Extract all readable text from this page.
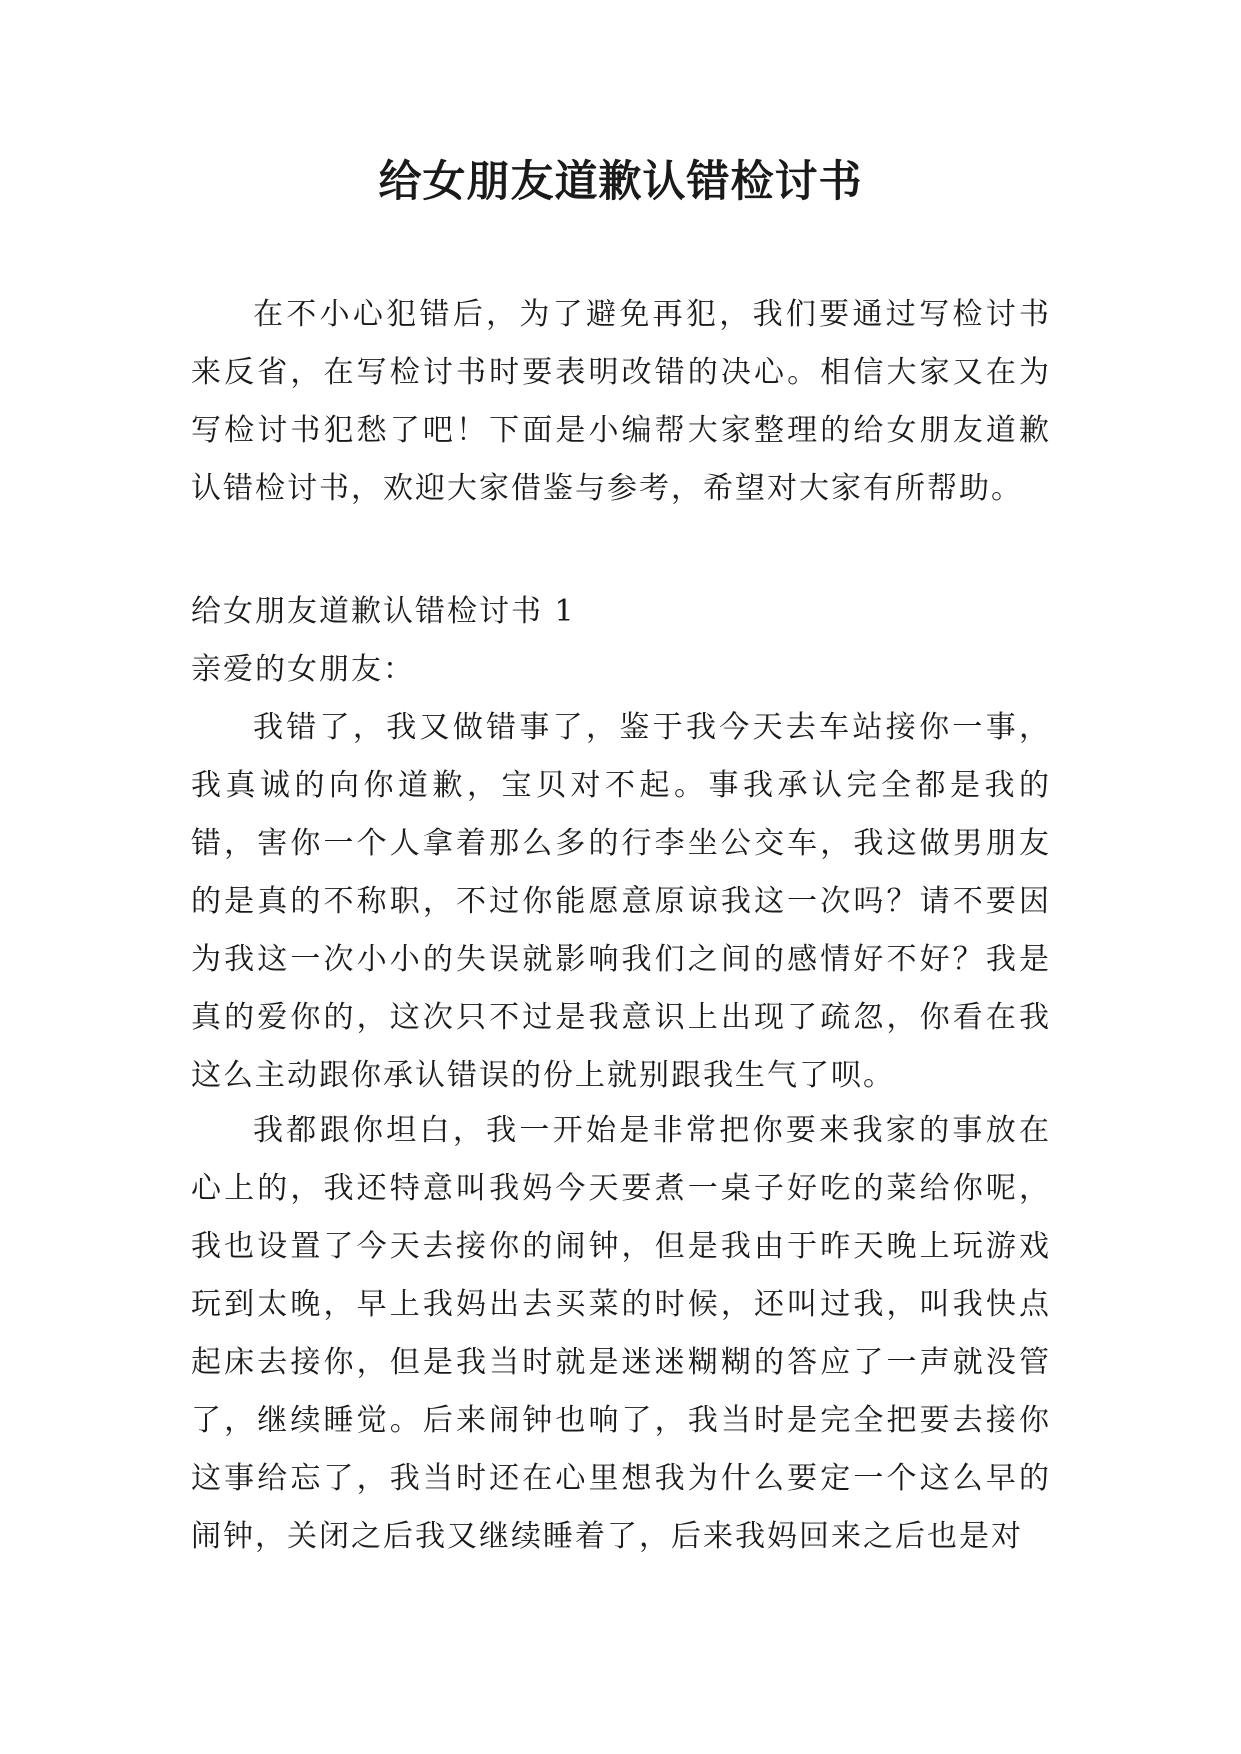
给女朋友道歉认错检讨书

在不小心犯错后，为了避免再犯，我们要通过写检讨书来反省，在写检讨书时要表明改错的决心。相信大家又在为写检讨书犯愁了吧！下面是小编帮大家整理的给女朋友道歉认错检讨书，欢迎大家借鉴与参考，希望对大家有所帮助。

给女朋友道歉认错检讨书 1

亲爱的女朋友：

我错了，我又做错事了，鉴于我今天去车站接你一事，我真诚的向你道歉，宝贝对不起。事我承认完全都是我的错，害你一个人拿着那么多的行李坐公交车，我这做男朋友的是真的不称职，不过你能愿意原谅我这一次吗？请不要因为我这一次小小的失误就影响我们之间的感情好不好？我是真的爱你的，这次只不过是我意识上出现了疏忽，你看在我这么主动跟你承认错误的份上就别跟我生气了呗。

我都跟你坦白，我一开始是非常把你要来我家的事放在心上的，我还特意叫我妈今天要煮一桌子好吃的菜给你呢，我也设置了今天去接你的闹钟，但是我由于昨天晚上玩游戏玩到太晚，早上我妈出去买菜的时候，还叫过我，叫我快点起床去接你，但是我当时就是迷迷糊糊的答应了一声就没管了，继续睡觉。后来闹钟也响了，我当时是完全把要去接你这事给忘了，我当时还在心里想我为什么要定一个这么早的闹钟，关闭之后我又继续睡着了，后来我妈回来之后也是对
